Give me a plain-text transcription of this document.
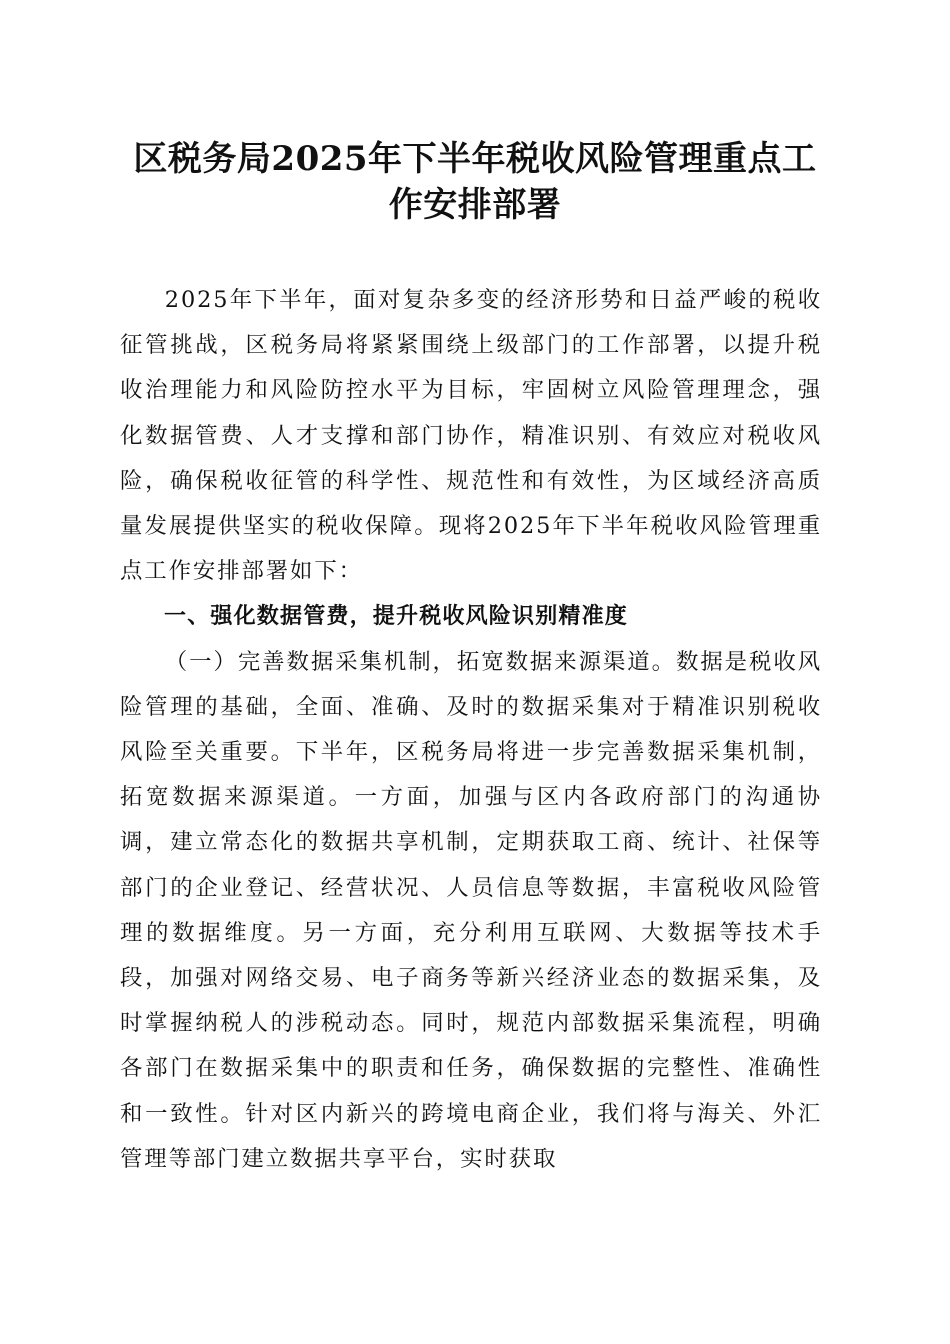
区税务局2025年下半年税收风险管理重点工作安排部署

2025年下半年，面对复杂多变的经济形势和日益严峻的税收征管挑战，区税务局将紧紧围绕上级部门的工作部署，以提升税收治理能力和风险防控水平为目标，牢固树立风险管理理念，强化数据管费、人才支撑和部门协作，精准识别、有效应对税收风险，确保税收征管的科学性、规范性和有效性，为区域经济高质量发展提供坚实的税收保障。现将2025年下半年税收风险管理重点工作安排部署如下：

一、强化数据管费，提升税收风险识别精准度

（一）完善数据采集机制，拓宽数据来源渠道。数据是税收风险管理的基础，全面、准确、及时的数据采集对于精准识别税收风险至关重要。下半年，区税务局将进一步完善数据采集机制，拓宽数据来源渠道。一方面，加强与区内各政府部门的沟通协调，建立常态化的数据共享机制，定期获取工商、统计、社保等部门的企业登记、经营状况、人员信息等数据，丰富税收风险管理的数据维度。另一方面，充分利用互联网、大数据等技术手段，加强对网络交易、电子商务等新兴经济业态的数据采集，及时掌握纳税人的涉税动态。同时，规范内部数据采集流程，明确各部门在数据采集中的职责和任务，确保数据的完整性、准确性和一致性。针对区内新兴的跨境电商企业，我们将与海关、外汇管理等部门建立数据共享平台，实时获取
